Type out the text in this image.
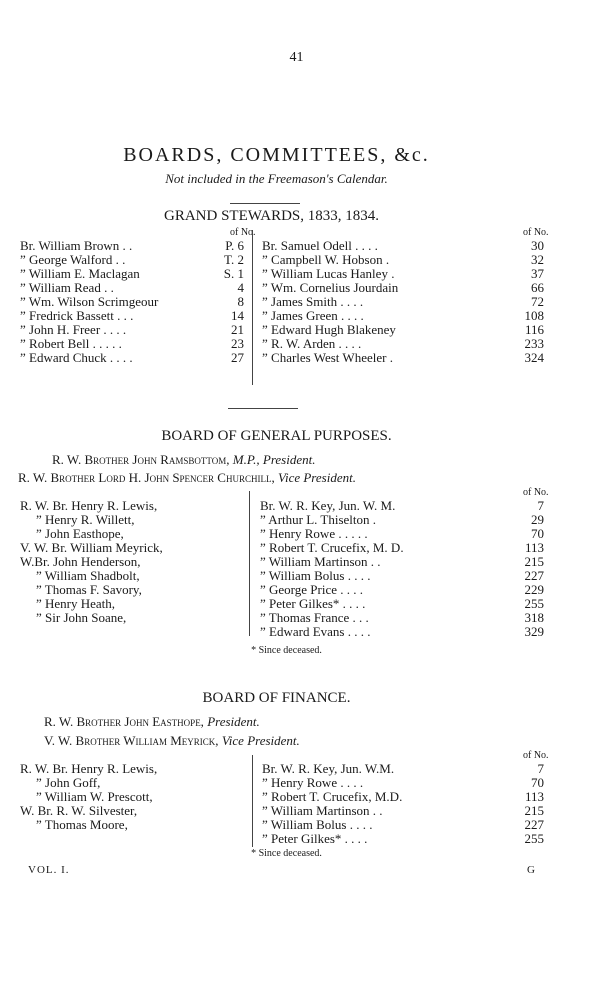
41
BOARDS, COMMITTEES, &c.
Not included in the Freemason's Calendar.
GRAND STEWARDS, 1833, 1834.
of No.	of No.
Br. William Brown . .	P. 6
” George Walford . .	T. 2
” William E. Maclagan	S. 1
” William Read . .	4
” Wm. Wilson Scrimgeour	8
” Fredrick Bassett . . .	14
” John H. Freer . . . .	21
” Robert Bell . . . . .	23
” Edward Chuck . . . .	27
Br. Samuel Odell . . . .	30
” Campbell W. Hobson .	32
” William Lucas Hanley .	37
” Wm. Cornelius Jourdain	66
” James Smith . . . .	72
” James Green . . . .	108
” Edward Hugh Blakeney	116
” R. W. Arden . . . .	233
” Charles West Wheeler .	324
BOARD OF GENERAL PURPOSES.
R. W. Brother John Ramsbottom, M.P., President.
R. W. Brother Lord H. John Spencer Churchill, Vice President.
of No.
R. W. Br. Henry R. Lewis,
” Henry R. Willett,
” John Easthope,
V. W. Br. William Meyrick,
W.Br. John Henderson,
” William Shadbolt,
” Thomas F. Savory,
” Henry Heath,
” Sir John Soane,
Br. W. R. Key, Jun. W. M.	7
” Arthur L. Thiselton .	29
” Henry Rowe . . . . .	70
” Robert T. Crucefix, M. D.	113
” William Martinson . .	215
” William Bolus . . . .	227
” George Price . . . .	229
” Peter Gilkes* . . . .	255
” Thomas France . . .	318
” Edward Evans . . . .	329
* Since deceased.
BOARD OF FINANCE.
R. W. Brother John Easthope, President.
V. W. Brother William Meyrick, Vice President.
of No.
R. W. Br. Henry R. Lewis,
” John Goff,
” William W. Prescott,
W. Br. R. W. Silvester,
” Thomas Moore,
Br. W. R. Key, Jun. W.M.	7
” Henry Rowe . . . .	70
” Robert T. Crucefix, M.D.	113
” William Martinson . .	215
” William Bolus . . . .	227
” Peter Gilkes* . . . .	255
* Since deceased.
VOL. I.	G
